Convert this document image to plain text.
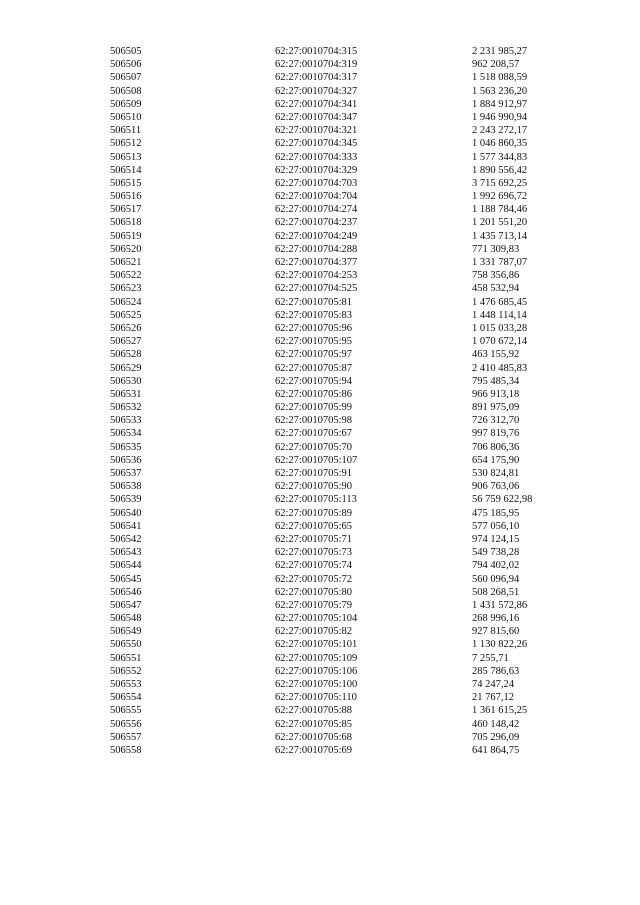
506505	62:27:0010704:315	2 231 985,27
506506	62:27:0010704:319	962 208,57
506507	62:27:0010704:317	1 518 088,59
506508	62:27:0010704:327	1 563 236,20
506509	62:27:0010704:341	1 884 912,97
506510	62:27:0010704:347	1 946 990,94
506511	62:27:0010704:321	2 243 272,17
506512	62:27:0010704:345	1 046 860,35
506513	62:27:0010704:333	1 577 344,83
506514	62:27:0010704:329	1 890 556,42
506515	62:27:0010704:703	3 715 692,25
506516	62:27:0010704:704	1 992 696,72
506517	62:27:0010704:274	1 188 784,46
506518	62:27:0010704:237	1 201 551,20
506519	62:27:0010704:249	1 435 713,14
506520	62:27:0010704:288	771 309,83
506521	62:27:0010704:377	1 331 787,07
506522	62:27:0010704:253	758 356,86
506523	62:27:0010704:525	458 532,94
506524	62:27:0010705:81	1 476 685,45
506525	62:27:0010705:83	1 448 114,14
506526	62:27:0010705:96	1 015 033,28
506527	62:27:0010705:95	1 070 672,14
506528	62:27:0010705:97	463 155,92
506529	62:27:0010705:87	2 410 485,83
506530	62:27:0010705:94	795 485,34
506531	62:27:0010705:86	966 913,18
506532	62:27:0010705:99	891 975,09
506533	62:27:0010705:98	726 312,70
506534	62:27:0010705:67	997 819,76
506535	62:27:0010705:70	706 806,36
506536	62:27:0010705:107	654 175,90
506537	62:27:0010705:91	530 824,81
506538	62:27:0010705:90	906 763,06
506539	62:27:0010705:113	56 759 622,98
506540	62:27:0010705:89	475 185,95
506541	62:27:0010705:65	577 056,10
506542	62:27:0010705:71	974 124,15
506543	62:27:0010705:73	549 738,28
506544	62:27:0010705:74	794 402,02
506545	62:27:0010705:72	560 096,94
506546	62:27:0010705:80	508 268,51
506547	62:27:0010705:79	1 431 572,86
506548	62:27:0010705:104	268 996,16
506549	62:27:0010705:82	927 815,60
506550	62:27:0010705:101	1 130 822,26
506551	62:27:0010705:109	7 255,71
506552	62:27:0010705:106	285 786,63
506553	62:27:0010705:100	74 247,24
506554	62:27:0010705:110	21 767,12
506555	62:27:0010705:88	1 361 615,25
506556	62:27:0010705:85	460 148,42
506557	62:27:0010705:68	705 296,09
506558	62:27:0010705:69	641 864,75
